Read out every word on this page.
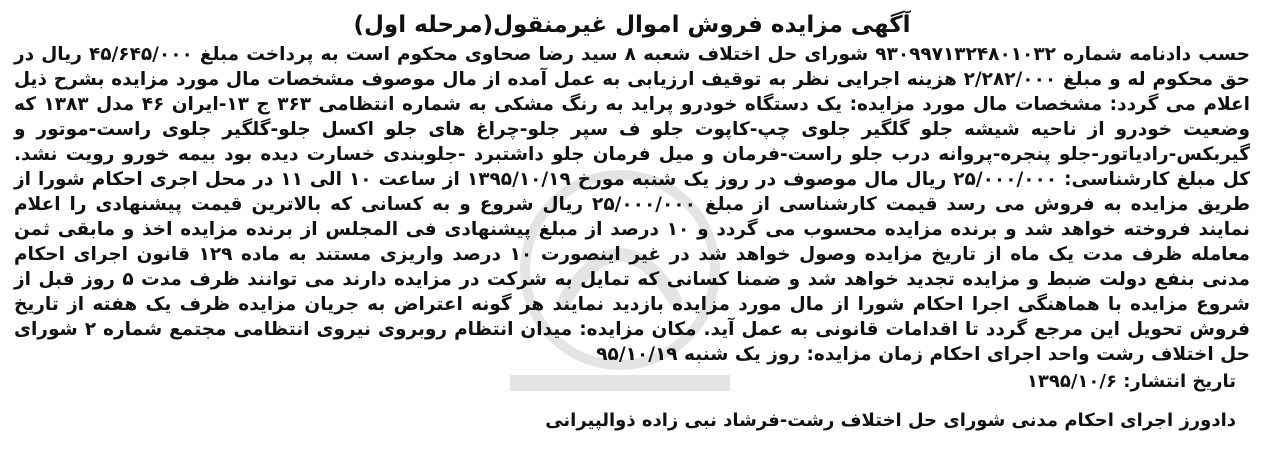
آگهی مزایده فروش اموال غیرمنقول(مرحله اول)

حسب دادنامه شماره ۹۳۰۹۹۷۱۳۲۴۸۰۱۰۳۲ شورای حل اختلاف شعبه ۸ سید رضا صحاوی محکوم است به پرداخت مبلغ ۴۵/۶۴۵/۰۰۰ ریال در حق محکوم له و مبلغ ۲/۲۸۲/۰۰۰ هزینه اجرایی نظر به توقیف ارزیابی به عمل آمده از مال موصوف مشخصات مال مورد مزایده بشرح ذیل اعلام می گردد: مشخصات مال مورد مزایده: یک دستگاه خودرو پراید به رنگ مشکی به شماره انتظامی ۳۶۳ ج ۱۳-ایران ۴۶ مدل ۱۳۸۳ که وضعیت خودرو از ناحیه شیشه جلو گلگیر جلوی چپ-کاپوت جلو ف سپر جلو-چراغ های جلو اکسل جلو-گلگیر جلوی راست-موتور و گیربکس-رادیاتور-جلو پنجره-پروانه درب جلو راست-فرمان و میل فرمان جلو داشتبرد -جلوبندی خسارت دیده بود بیمه خورو رویت نشد. کل مبلغ کارشناسی: ۲۵/۰۰۰/۰۰۰ ریال مال موصوف در روز یک شنبه مورخ ۱۳۹۵/۱۰/۱۹ از ساعت ۱۰ الی ۱۱ در محل اجری احکام شورا از طریق مزایده به فروش می رسد قیمت کارشناسی از مبلغ ۲۵/۰۰۰/۰۰۰ ریال شروع و به کسانی که بالاترین قیمت پیشنهادی را اعلام نمایند فروخته خواهد شد و برنده مزایده محسوب می گردد و ۱۰ درصد از مبلغ پیشنهادی فی المجلس از برنده مزایده اخذ و مابقی ثمن معامله ظرف مدت یک ماه از تاریخ مزایده وصول خواهد شد در غیر اینصورت ۱۰ درصد واریزی مستند به ماده ۱۲۹ قانون اجرای احکام مدنی بنفع دولت ضبط و مزایده تجدید خواهد شد و ضمنا کسانی که تمایل به شرکت در مزایده دارند می توانند ظرف مدت ۵ روز قبل از شروع مزایده با هماهنگی اجرا احکام شورا از مال مورد مزایده بازدید نمایند هر گونه اعتراض به جریان مزایده ظرف یک هفته از تاریخ فروش تحویل این مرجع گردد تا اقدامات قانونی به عمل آید. مکان مزایده: میدان انتظام روبروی نیروی انتظامی مجتمع شماره ۲ شورای حل اختلاف رشت واحد اجرای احکام زمان مزایده: روز یک شنبه ۹۵/۱۰/۱۹

تاریخ انتشار: ۱۳۹۵/۱۰/۶

دادورز اجرای احکام مدنی شورای حل اختلاف رشت-فرشاد نبی زاده ذوالپیرانی
